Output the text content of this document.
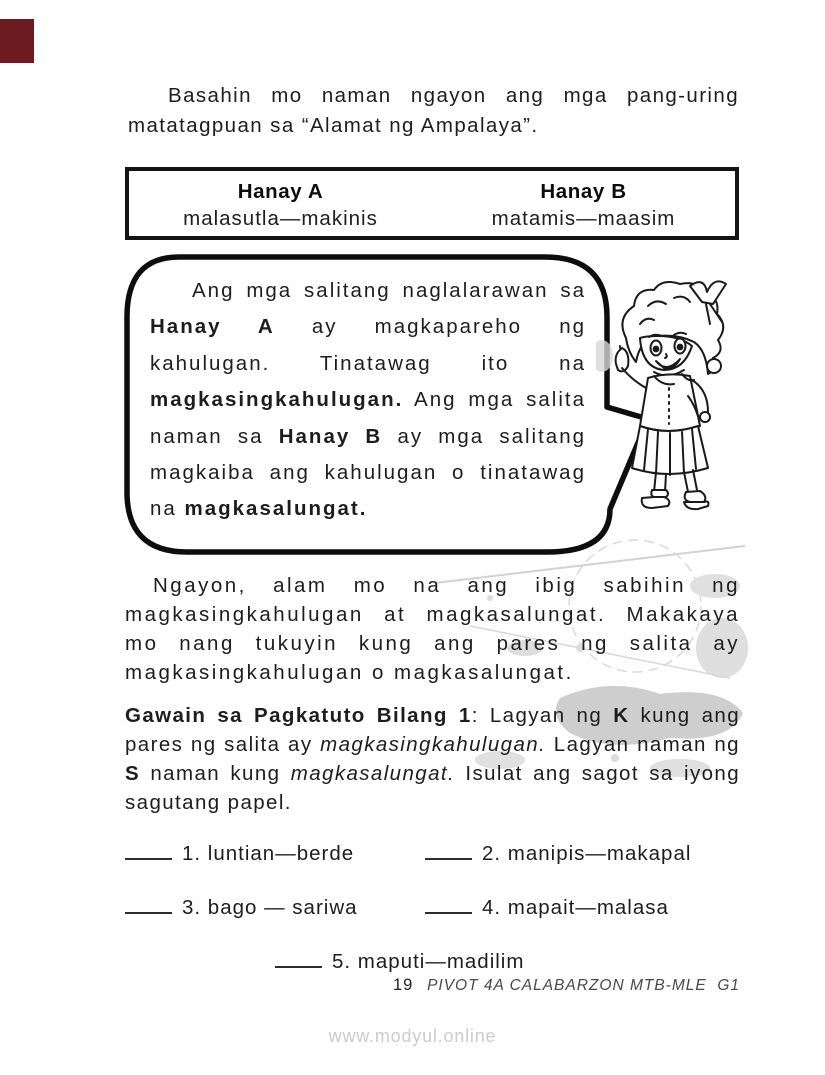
Basahin mo naman ngayon ang mga pang-uring matatagpuan sa “Alamat ng Ampalaya”.

Hanay A
malasutla—makinis
Hanay B
matamis—maasim

Ang mga salitang naglalarawan sa Hanay A ay magkapareho ng kahulugan. Tinatawag ito na magkasingkahulugan. Ang mga salita naman sa Hanay B ay mga salitang magkaiba ang kahulugan o tinatawag na magkasalungat.

Ngayon, alam mo na ang ibig sabihin ng magkasingkahulugan at magkasalungat. Makakaya mo nang tukuyin kung ang pares ng salita ay magkasingkahulugan o magkasalungat.

Gawain sa Pagkatuto Bilang 1: Lagyan ng K kung ang pares ng salita ay magkasingkahulugan. Lagyan naman ng S naman kung magkasalungat. Isulat ang sagot sa iyong sagutang papel.

1. luntian—berde	2. manipis—makapal
3. bago — sariwa	4. mapait—malasa
5. maputi—madilim
19 PIVOT 4A CALABARZON MTB-MLE  G1
www.modyul.online
